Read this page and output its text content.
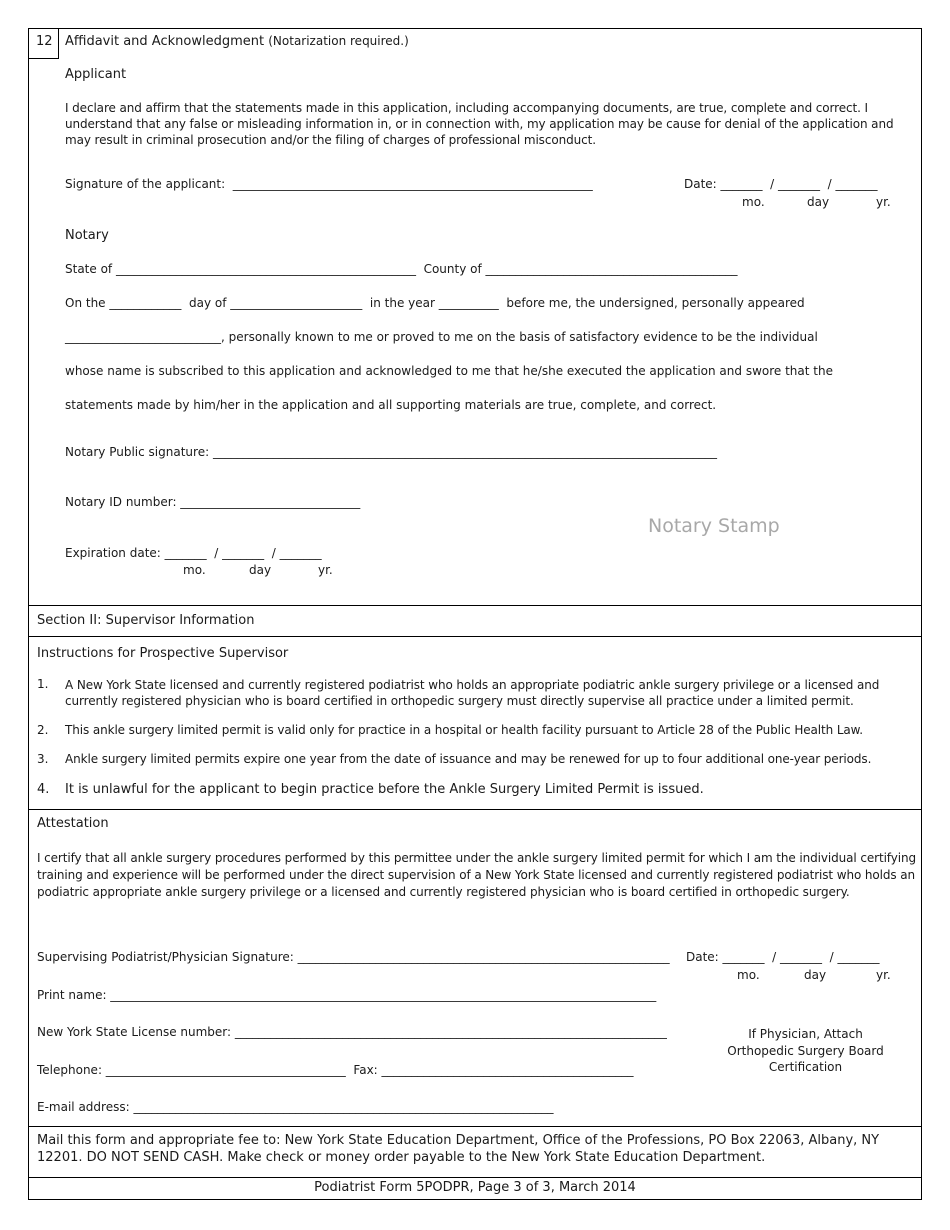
12 Affidavit and Acknowledgment (Notarization required.)
Applicant
I declare and affirm that the statements made in this application, including accompanying documents, are true, complete and correct. I understand that any false or misleading information in, or in connection with, my application may be cause for denial of the application and may result in criminal prosecution and/or the filing of charges of professional misconduct.
Signature of the applicant:  ____________________________________________________________	Date: _______  / _______  / _______
mo.	day	yr.
Notary
State of __________________________________________________  County of __________________________________________
On the ____________  day of ______________________  in the year __________  before me, the undersigned, personally appeared
__________________________, personally known to me or proved to me on the basis of satisfactory evidence to be the individual
whose name is subscribed to this application and acknowledged to me that he/she executed the application and swore that the
statements made by him/her in the application and all supporting materials are true, complete, and correct.
Notary Public signature: ____________________________________________________________________________________
Notary ID number: ______________________________
Notary Stamp
Expiration date: _______  / _______  / _______
mo.	day	yr.
Section II: Supervisor Information
Instructions for Prospective Supervisor
1. A New York State licensed and currently registered podiatrist who holds an appropriate podiatric ankle surgery privilege or a licensed and currently registered physician who is board certified in orthopedic surgery must directly supervise all practice under a limited permit.
2. This ankle surgery limited permit is valid only for practice in a hospital or health facility pursuant to Article 28 of the Public Health Law.
3. Ankle surgery limited permits expire one year from the date of issuance and may be renewed for up to four additional one-year periods.
4. It is unlawful for the applicant to begin practice before the Ankle Surgery Limited Permit is issued.
Attestation
I certify that all ankle surgery procedures performed by this permittee under the ankle surgery limited permit for which I am the individual certifying training and experience will be performed under the direct supervision of a New York State licensed and currently registered podiatrist who holds an podiatric appropriate ankle surgery privilege or a licensed and currently registered physician who is board certified in orthopedic surgery.
Supervising Podiatrist/Physician Signature: ______________________________________________________________ Date: _______  / _______  / _______
mo.	day	yr.
Print name: ___________________________________________________________________________________________
New York State License number: ________________________________________________________________________
Telephone: ________________________________________  Fax: __________________________________________
E-mail address: ______________________________________________________________________
If Physician, Attach Orthopedic Surgery Board Certification
Mail this form and appropriate fee to: New York State Education Department, Office of the Professions, PO Box 22063, Albany, NY 12201. DO NOT SEND CASH. Make check or money order payable to the New York State Education Department.
Podiatrist Form 5PODPR, Page 3 of 3, March 2014
